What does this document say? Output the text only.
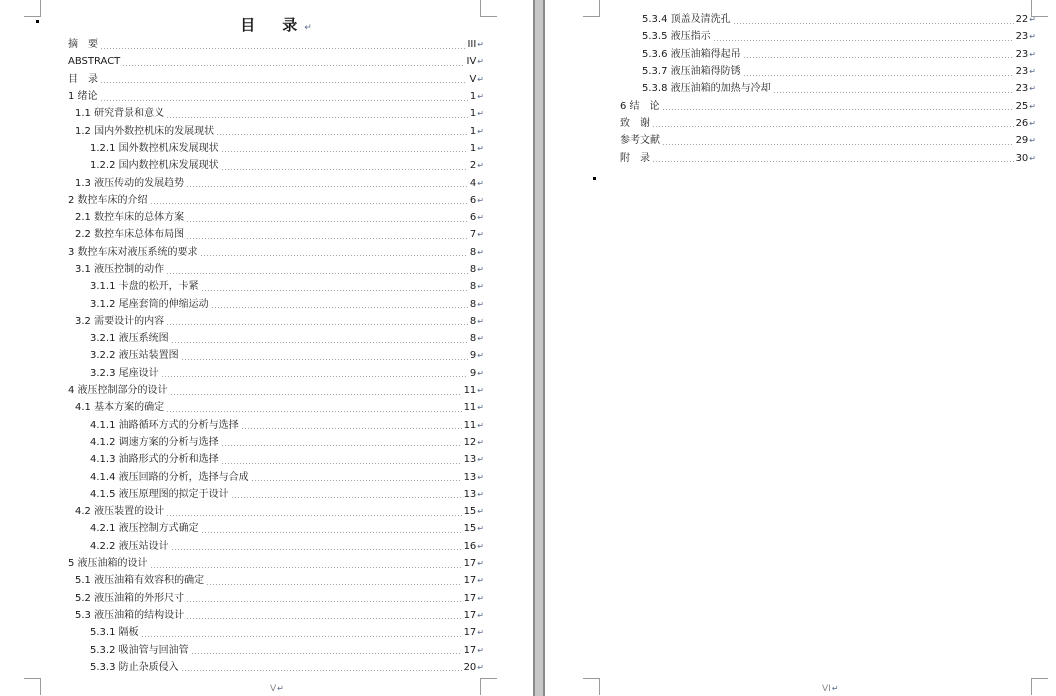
目　录↵
摘　要	III ↵
ABSTRACT	IV ↵
目　录	V ↵
1 绪论	1 ↵
1.1 研究背景和意义	1 ↵
1.2 国内外数控机床的发展现状	1 ↵
1.2.1 国外数控机床发展现状	1 ↵
1.2.2 国内数控机床发展现状	2 ↵
1.3 液压传动的发展趋势	4 ↵
2 数控车床的介绍	6 ↵
2.1 数控车床的总体方案	6 ↵
2.2 数控车床总体布局图	7 ↵
3 数控车床对液压系统的要求	8 ↵
3.1 液压控制的动作	8 ↵
3.1.1 卡盘的松开，卡紧	8 ↵
3.1.2 尾座套筒的伸缩运动	8 ↵
3.2 需要设计的内容	8 ↵
3.2.1 液压系统图	8 ↵
3.2.2 液压站装置图	9 ↵
3.2.3 尾座设计	9 ↵
4 液压控制部分的设计	11 ↵
4.1 基本方案的确定	11 ↵
4.1.1 油路循环方式的分析与选择	11 ↵
4.1.2 调速方案的分析与选择	12 ↵
4.1.3 油路形式的分析和选择	13 ↵
4.1.4 液压回路的分析，选择与合成	13 ↵
4.1.5 液压原理图的拟定于设计	13 ↵
4.2 液压装置的设计	15 ↵
4.2.1 液压控制方式确定	15 ↵
4.2.2 液压站设计	16 ↵
5 液压油箱的设计	17 ↵
5.1 液压油箱有效容积的确定	17 ↵
5.2 液压油箱的外形尺寸	17 ↵
5.3 液压油箱的结构设计	17 ↵
5.3.1 隔板	17 ↵
5.3.2 吸油管与回油管	17 ↵
5.3.3 防止杂质侵入	20 ↵
V↵	VI↵
5.3.4 顶盖及清洗孔	22 ↵
5.3.5 液压指示	23 ↵
5.3.6 液压油箱得起吊	23 ↵
5.3.7 液压油箱得防锈	23 ↵
5.3.8 液压油箱的加热与冷却	23 ↵
6 结　论	25 ↵
致　谢	26 ↵
参考文献	29 ↵
附　录	30 ↵
